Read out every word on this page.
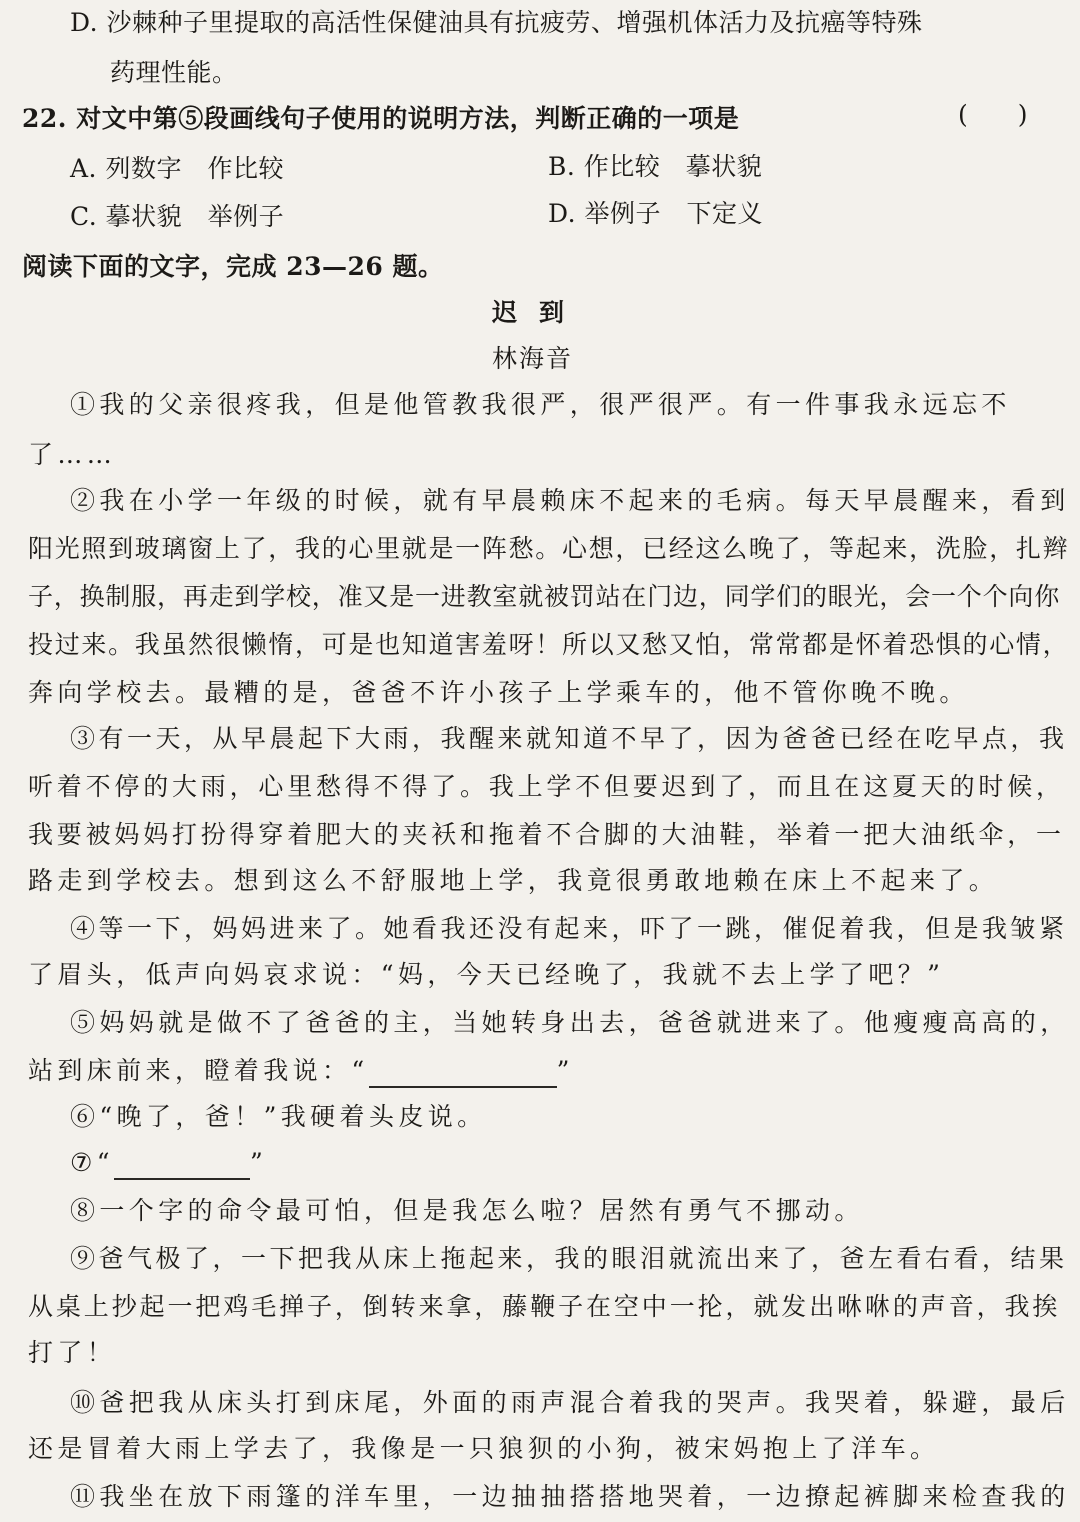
D. 沙棘种子里提取的高活性保健油具有抗疲劳、增强机体活力及抗癌等特殊
药理性能。
22. 对文中第⑤段画线句子使用的说明方法，判断正确的一项是	(　　)
A. 列数字　作比较	B. 作比较　摹状貌
C. 摹状貌　举例子	D. 举例子　下定义
阅读下面的文字，完成 23—26 题。
迟到
林海音
①我的父亲很疼我，但是他管教我很严，很严很严。有一件事我永远忘不
了……
②我在小学一年级的时候，就有早晨赖床不起来的毛病。每天早晨醒来，看到
阳光照到玻璃窗上了，我的心里就是一阵愁。心想，已经这么晚了，等起来，洗脸，扎辫
子，换制服，再走到学校，准又是一进教室就被罚站在门边，同学们的眼光，会一个个向你
投过来。我虽然很懒惰，可是也知道害羞呀！所以又愁又怕，常常都是怀着恐惧的心情，
奔向学校去。最糟的是，爸爸不许小孩子上学乘车的，他不管你晚不晚。
③有一天，从早晨起下大雨，我醒来就知道不早了，因为爸爸已经在吃早点，我
听着不停的大雨，心里愁得不得了。我上学不但要迟到了，而且在这夏天的时候，
我要被妈妈打扮得穿着肥大的夹袄和拖着不合脚的大油鞋，举着一把大油纸伞，一
路走到学校去。想到这么不舒服地上学，我竟很勇敢地赖在床上不起来了。
④等一下，妈妈进来了。她看我还没有起来，吓了一跳，催促着我，但是我皱紧
了眉头，低声向妈哀求说：“妈，今天已经晚了，我就不去上学了吧？”
⑤妈妈就是做不了爸爸的主，当她转身出去，爸爸就进来了。他瘦瘦高高的，
站到床前来，瞪着我说：“	”
⑥“晚了，爸！”我硬着头皮说。
⑦“	”
⑧一个字的命令最可怕，但是我怎么啦？居然有勇气不挪动。
⑨爸气极了，一下把我从床上拖起来，我的眼泪就流出来了，爸左看右看，结果
从桌上抄起一把鸡毛掸子，倒转来拿，藤鞭子在空中一抡，就发出咻咻的声音，我挨
打了！
⑩爸把我从床头打到床尾，外面的雨声混合着我的哭声。我哭着，躲避，最后
还是冒着大雨上学去了，我像是一只狼狈的小狗，被宋妈抱上了洋车。
⑪我坐在放下雨篷的洋车里，一边抽抽搭搭地哭着，一边撩起裤脚来检查我的
